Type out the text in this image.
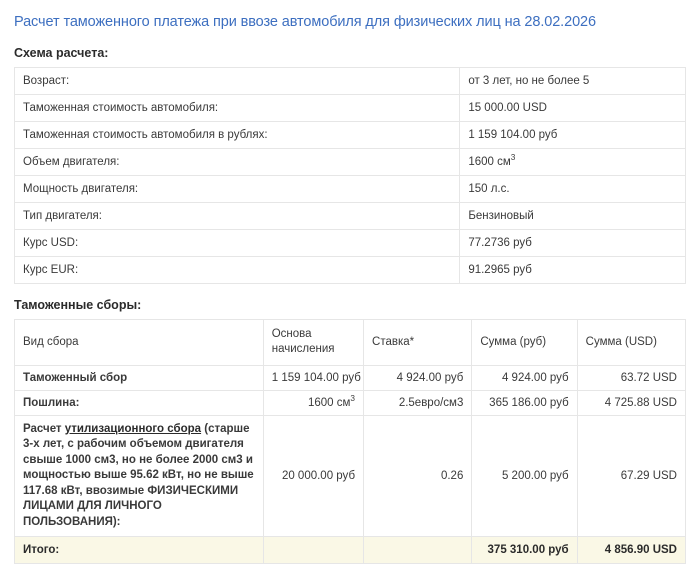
Расчет таможенного платежа при ввозе автомобиля для физических лиц на 28.02.2026
Схема расчета:
Возраст:	от 3 лет, но не более 5
Таможенная стоимость автомобиля:	15 000.00 USD
Таможенная стоимость автомобиля в рублях:	1 159 104.00 руб
Объем двигателя:	1600 $см^3$
Мощность двигателя:	150 л.с.
Тип двигателя:	Бензиновый
Курс USD:	77.2736 руб
Курс EUR:	91.2965 руб
Таможенные сборы:
Вид сбора	Основа начисления	Ставка*	Сумма (руб)	Сумма (USD)
Таможенный сбор	1 159 104.00 руб	4 924.00 руб	4 924.00 руб	63.72 USD
Пошлина:	1600 $см^3$	2.5евро/см3	365 186.00 руб	4 725.88 USD
Расчет утилизационного сбора (старше 3-х лет, с рабочим объемом двигателя свыше 1000 см3, но не более 2000 см3 и мощностью выше 95.62 кВт, но не выше 117.68 кВт, ввозимые ФИЗИЧЕСКИМИ ЛИЦАМИ ДЛЯ ЛИЧНОГО ПОЛЬЗОВАНИЯ):	20 000.00 руб	0.26	5 200.00 руб	67.29 USD
Итого:			375 310.00 руб	4 856.90 USD
